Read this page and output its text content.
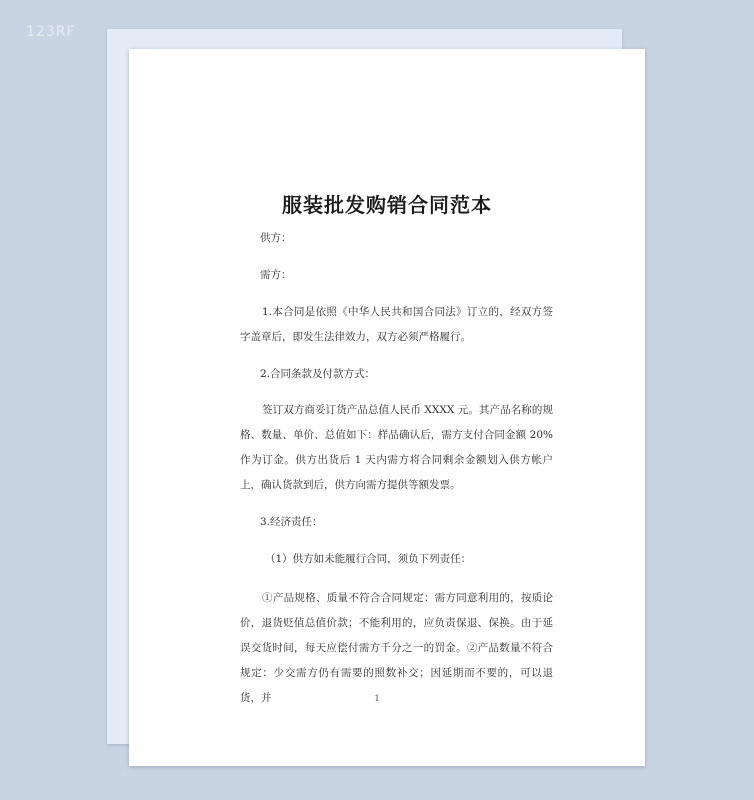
123RF
服装批发购销合同范本

供方：

需方：

1.本合同是依照《中华人民共和国合同法》订立的，经双方签字盖章后，即发生法律效力，双方必须严格履行。

2.合同条款及付款方式：

签订双方商妥订货产品总值人民币 XXXX 元。其产品名称的规格、数量、单价、总值如下：样品确认后，需方支付合同金额 20%作为订金。供方出货后 1 天内需方将合同剩余金额划入供方帐户上，确认货款到后，供方向需方提供等额发票。

3.经济责任：

（1）供方如未能履行合同，须负下列责任：

①产品规格、质量不符合合同规定：需方同意利用的，按质论价，退货贬值总值价款；不能利用的，应负责保退、保换。由于延误交货时间，每天应偿付需方千分之一的罚金。②产品数量不符合规定：少交需方仍有需要的照数补交；因延期而不要的，可以退货，并	1
